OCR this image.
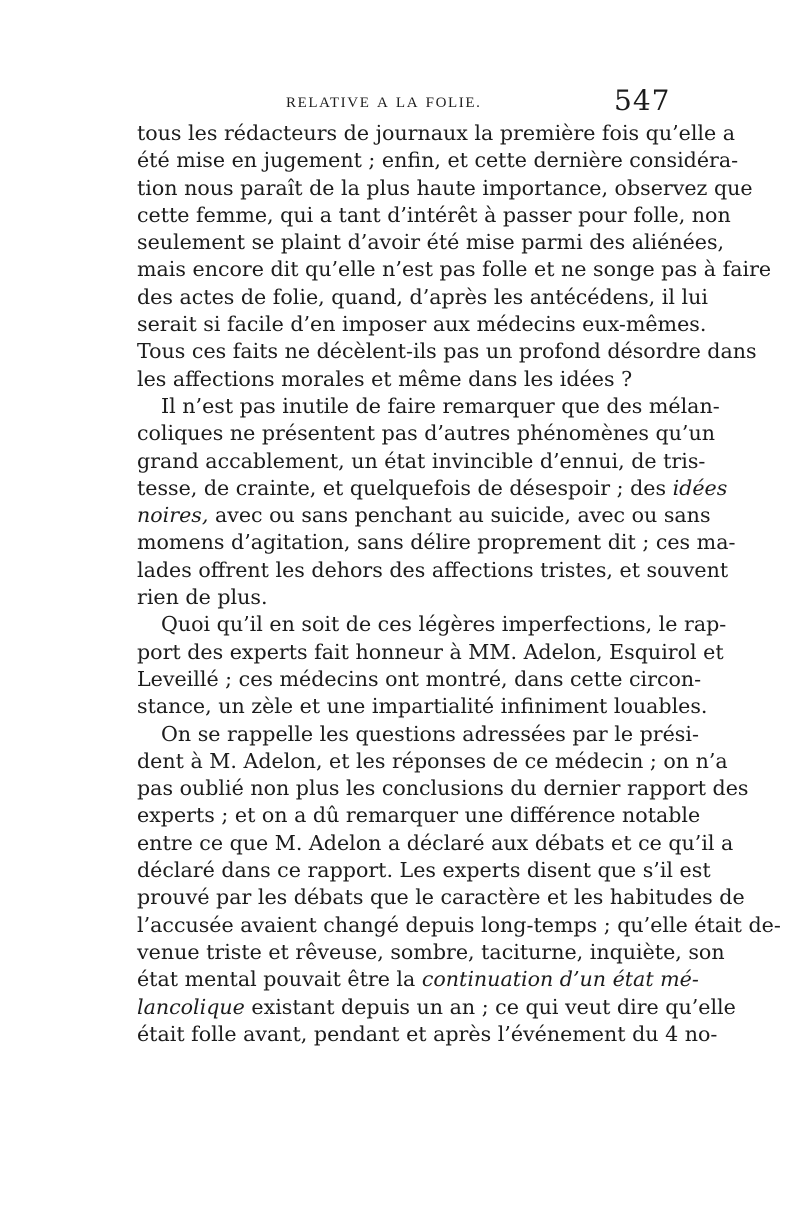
RELATIVE A LA FOLIE.	547
tous les rédacteurs de journaux la première fois qu’elle a
été mise en jugement ; enfin, et cette dernière considéra-
tion nous paraît de la plus haute importance, observez que
cette femme, qui a tant d’intérêt à passer pour folle, non
seulement se plaint d’avoir été mise parmi des aliénées,
mais encore dit qu’elle n’est pas folle et ne songe pas à faire
des actes de folie, quand, d’après les antécédens, il lui
serait si facile d’en imposer aux médecins eux-mêmes.
Tous ces faits ne décèlent-ils pas un profond désordre dans
les affections morales et même dans les idées ?
Il n’est pas inutile de faire remarquer que des mélan-
coliques ne présentent pas d’autres phénomènes qu’un
grand accablement, un état invincible d’ennui, de tris-
tesse, de crainte, et quelquefois de désespoir ; des idées
noires, avec ou sans penchant au suicide, avec ou sans
momens d’agitation, sans délire proprement dit ; ces ma-
lades offrent les dehors des affections tristes, et souvent
rien de plus.
Quoi qu’il en soit de ces légères imperfections, le rap-
port des experts fait honneur à MM. Adelon, Esquirol et
Leveillé ; ces médecins ont montré, dans cette circon-
stance, un zèle et une impartialité infiniment louables.
On se rappelle les questions adressées par le prési-
dent à M. Adelon, et les réponses de ce médecin ; on n’a
pas oublié non plus les conclusions du dernier rapport des
experts ; et on a dû remarquer une différence notable
entre ce que M. Adelon a déclaré aux débats et ce qu’il a
déclaré dans ce rapport. Les experts disent que s’il est
prouvé par les débats que le caractère et les habitudes de
l’accusée avaient changé depuis long-temps ; qu’elle était de-
venue triste et rêveuse, sombre, taciturne, inquiète, son
état mental pouvait être la continuation d’un état mé-
lancolique existant depuis un an ; ce qui veut dire qu’elle
était folle avant, pendant et après l’événement du 4 no-
